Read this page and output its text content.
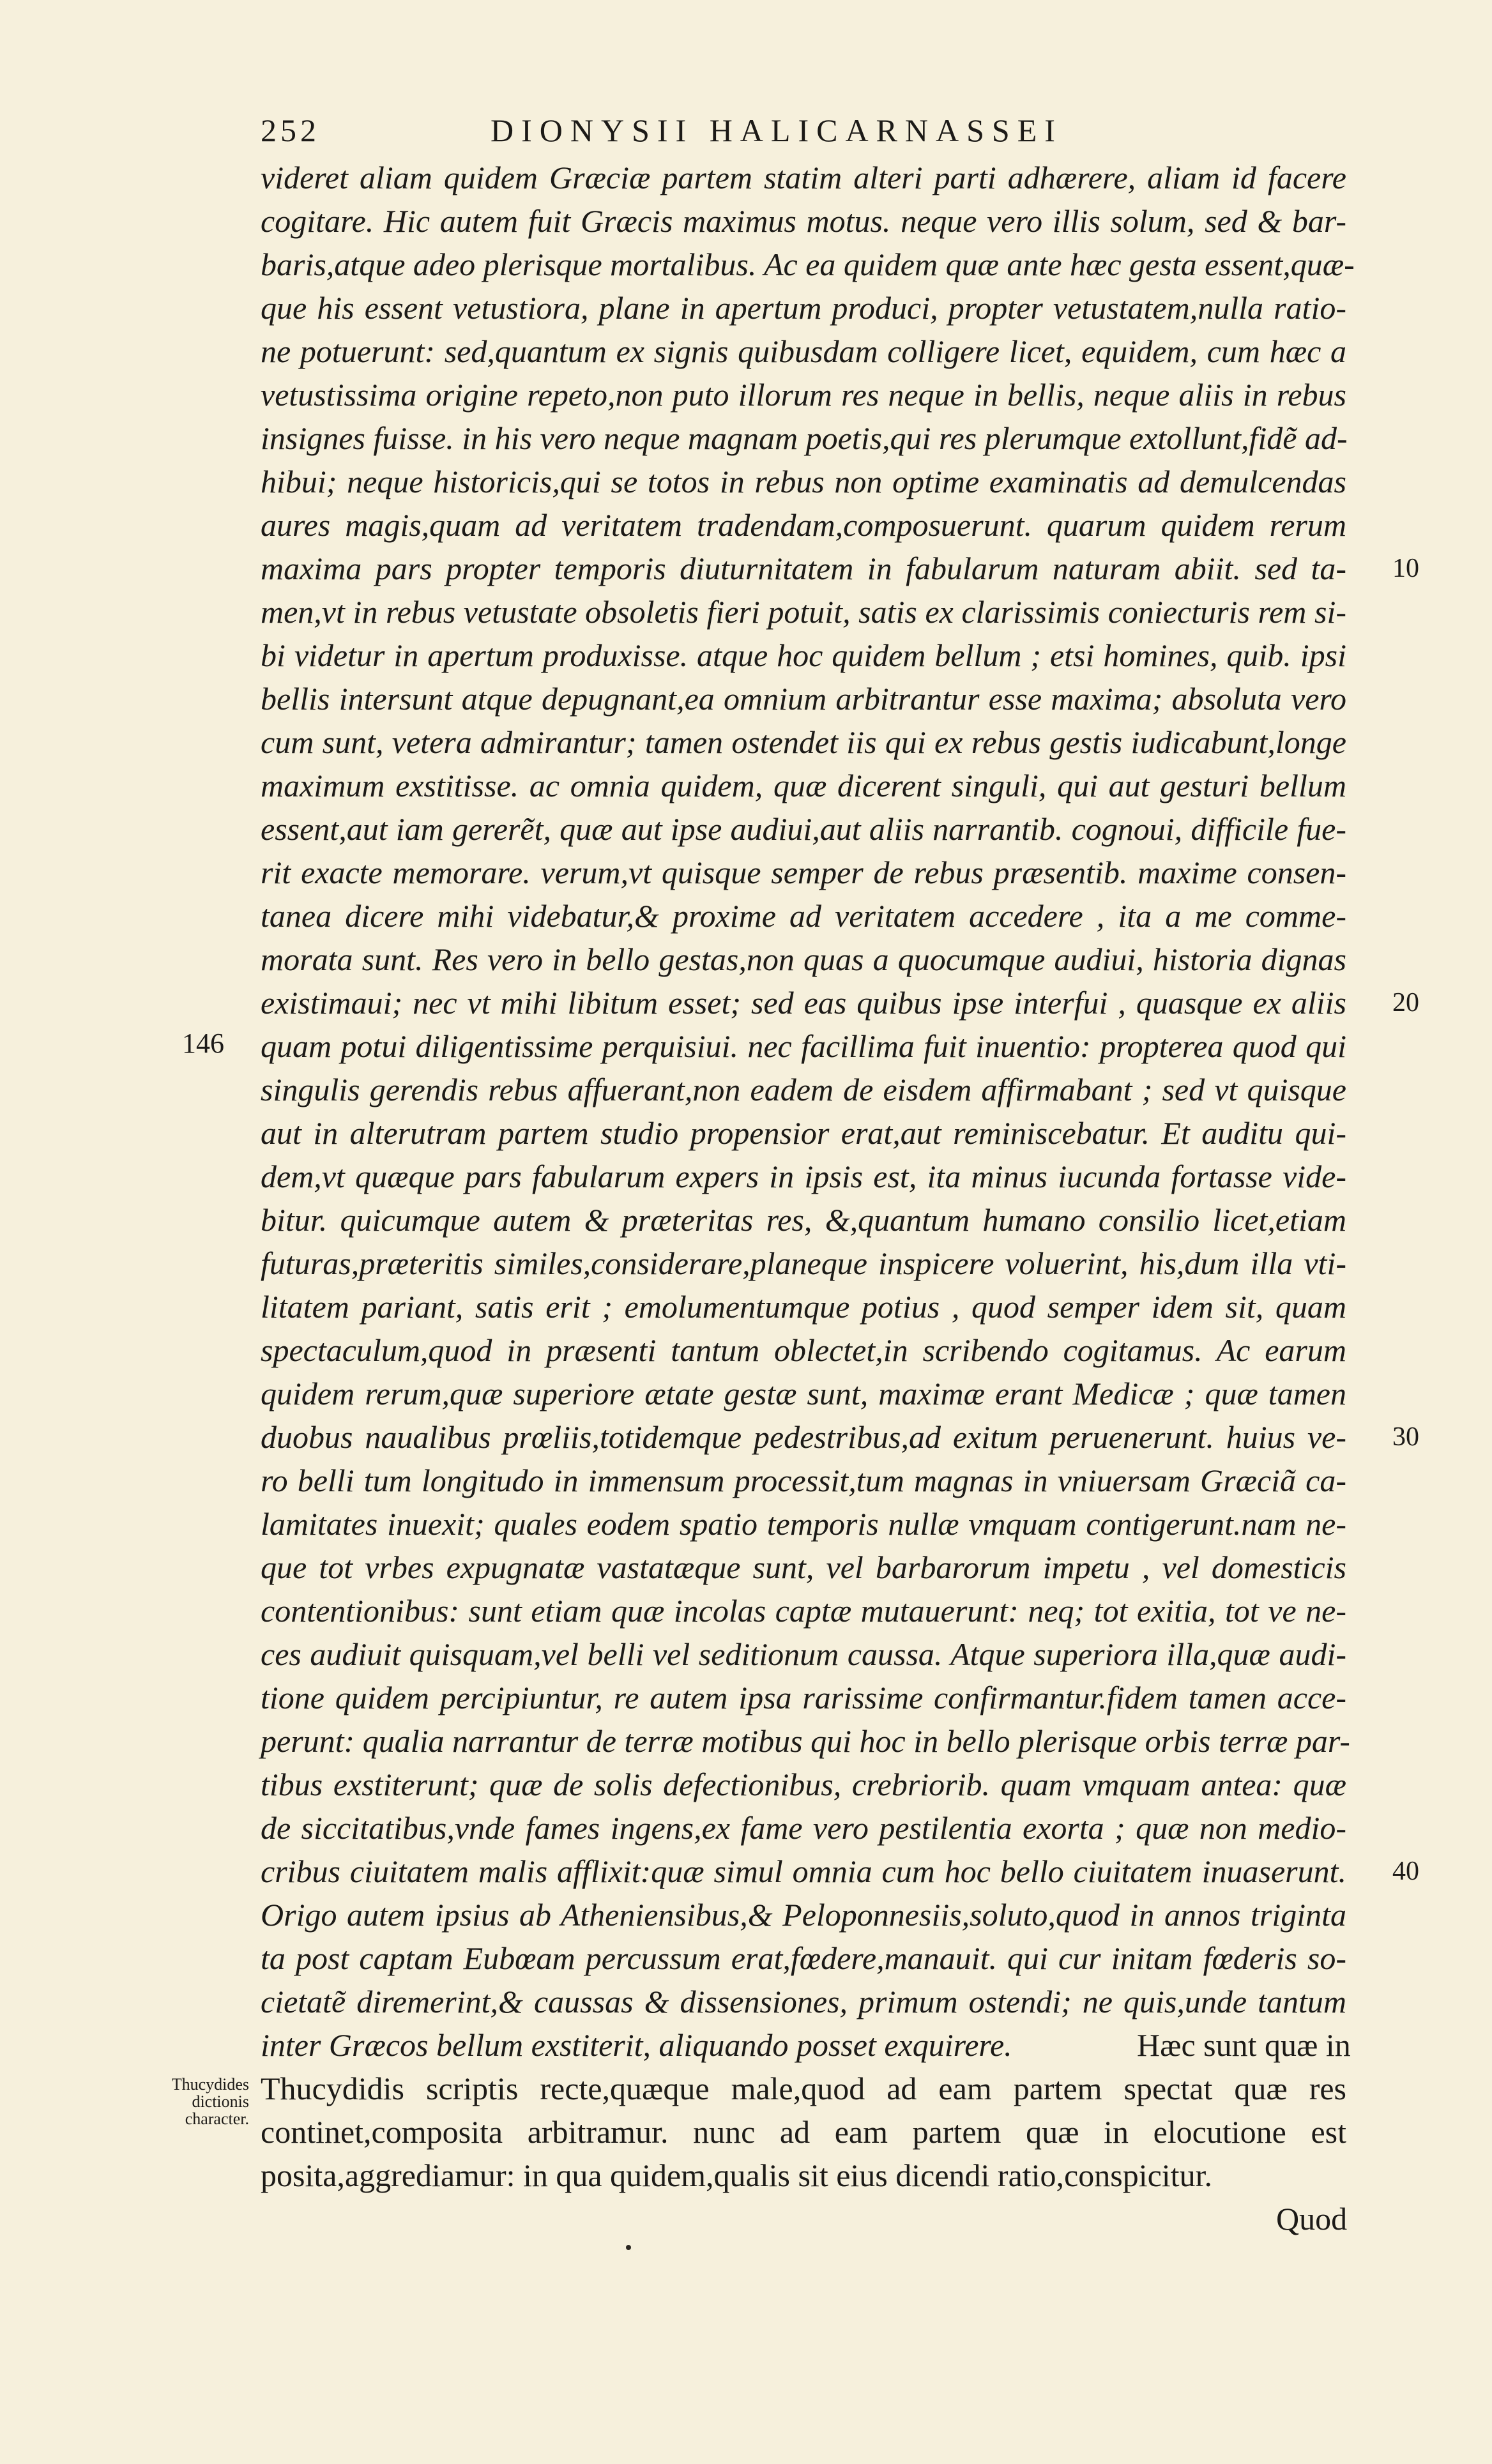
252	DIONYSII HALICARNASSEI
videret aliam quidem Græciæ partem statim alteri parti adhærere, aliam id facere
cogitare. Hic autem fuit Græcis maximus motus. neque vero illis solum, sed & bar-
baris,atque adeo plerisque mortalibus. Ac ea quidem quæ ante hæc gesta essent,quæ-
que his essent vetustiora, plane in apertum produci, propter vetustatem,nulla ratio-
ne potuerunt: sed,quantum ex signis quibusdam colligere licet, equidem, cum hæc a
vetustissima origine repeto,non puto illorum res neque in bellis, neque aliis in rebus
insignes fuisse. in his vero neque magnam poetis,qui res plerumque extollunt,fidẽ ad-
hibui; neque historicis,qui se totos in rebus non optime examinatis ad demulcendas
aures magis,quam ad veritatem tradendam,composuerunt. quarum quidem rerum
maxima pars propter temporis diuturnitatem in fabularum naturam abiit. sed ta-
men,vt in rebus vetustate obsoletis fieri potuit, satis ex clarissimis coniecturis rem si-
bi videtur in apertum produxisse. atque hoc quidem bellum ; etsi homines, quib. ipsi
bellis intersunt atque depugnant,ea omnium arbitrantur esse maxima; absoluta vero
cum sunt, vetera admirantur; tamen ostendet iis qui ex rebus gestis iudicabunt,longe
maximum exstitisse. ac omnia quidem, quæ dicerent singuli, qui aut gesturi bellum
essent,aut iam gererẽt, quæ aut ipse audiui,aut aliis narrantib. cognoui, difficile fue-
rit exacte memorare. verum,vt quisque semper de rebus præsentib. maxime consen-
tanea dicere mihi videbatur,& proxime ad veritatem accedere , ita a me comme-
morata sunt. Res vero in bello gestas,non quas a quocumque audiui, historia dignas
existimaui; nec vt mihi libitum esset; sed eas quibus ipse interfui , quasque ex aliis
quam potui diligentissime perquisiui. nec facillima fuit inuentio: propterea quod qui
singulis gerendis rebus affuerant,non eadem de eisdem affirmabant ; sed vt quisque
aut in alterutram partem studio propensior erat,aut reminiscebatur. Et auditu qui-
dem,vt quæque pars fabularum expers in ipsis est, ita minus iucunda fortasse vide-
bitur. quicumque autem & præteritas res, &,quantum humano consilio licet,etiam
futuras,præteritis similes,considerare,planeque inspicere voluerint, his,dum illa vti-
litatem pariant, satis erit ; emolumentumque potius , quod semper idem sit, quam
spectaculum,quod in præsenti tantum oblectet,in scribendo cogitamus. Ac earum
quidem rerum,quæ superiore ætate gestæ sunt, maximæ erant Medicæ ; quæ tamen
duobus naualibus prœliis,totidemque pedestribus,ad exitum peruenerunt. huius ve-
ro belli tum longitudo in immensum processit,tum magnas in vniuersam Græciã ca-
lamitates inuexit; quales eodem spatio temporis nullæ vmquam contigerunt.nam ne-
que tot vrbes expugnatæ vastatæque sunt, vel barbarorum impetu , vel domesticis
contentionibus: sunt etiam quæ incolas captæ mutauerunt: neq; tot exitia, tot ve ne-
ces audiuit quisquam,vel belli vel seditionum caussa. Atque superiora illa,quæ audi-
tione quidem percipiuntur, re autem ipsa rarissime confirmantur.fidem tamen acce-
perunt: qualia narrantur de terræ motibus qui hoc in bello plerisque orbis terræ par-
tibus exstiterunt; quæ de solis defectionibus, crebriorib. quam vmquam antea: quæ
de siccitatibus,vnde fames ingens,ex fame vero pestilentia exorta ; quæ non medio-
cribus ciuitatem malis afflixit:quæ simul omnia cum hoc bello ciuitatem inuaserunt.
Origo autem ipsius ab Atheniensibus,& Peloponnesiis,soluto,quod in annos triginta
ta post captam Eubœam percussum erat,fœdere,manauit. qui cur initam fœderis so-
cietatẽ diremerint,& caussas & dissensiones, primum ostendi; ne quis,unde tantum
inter Græcos bellum exstiterit, aliquando posset exquirere.	Hæc sunt quæ in
Thucydidis scriptis recte,quæque male,quod ad eam partem spectat quæ res
continet,composita arbitramur. nunc ad eam partem quæ in elocutione est
posita,aggrediamur: in qua quidem,qualis sit eius dicendi ratio,conspicitur.
10
20
30
40
146
Thucydides dictionis character.
Quod
